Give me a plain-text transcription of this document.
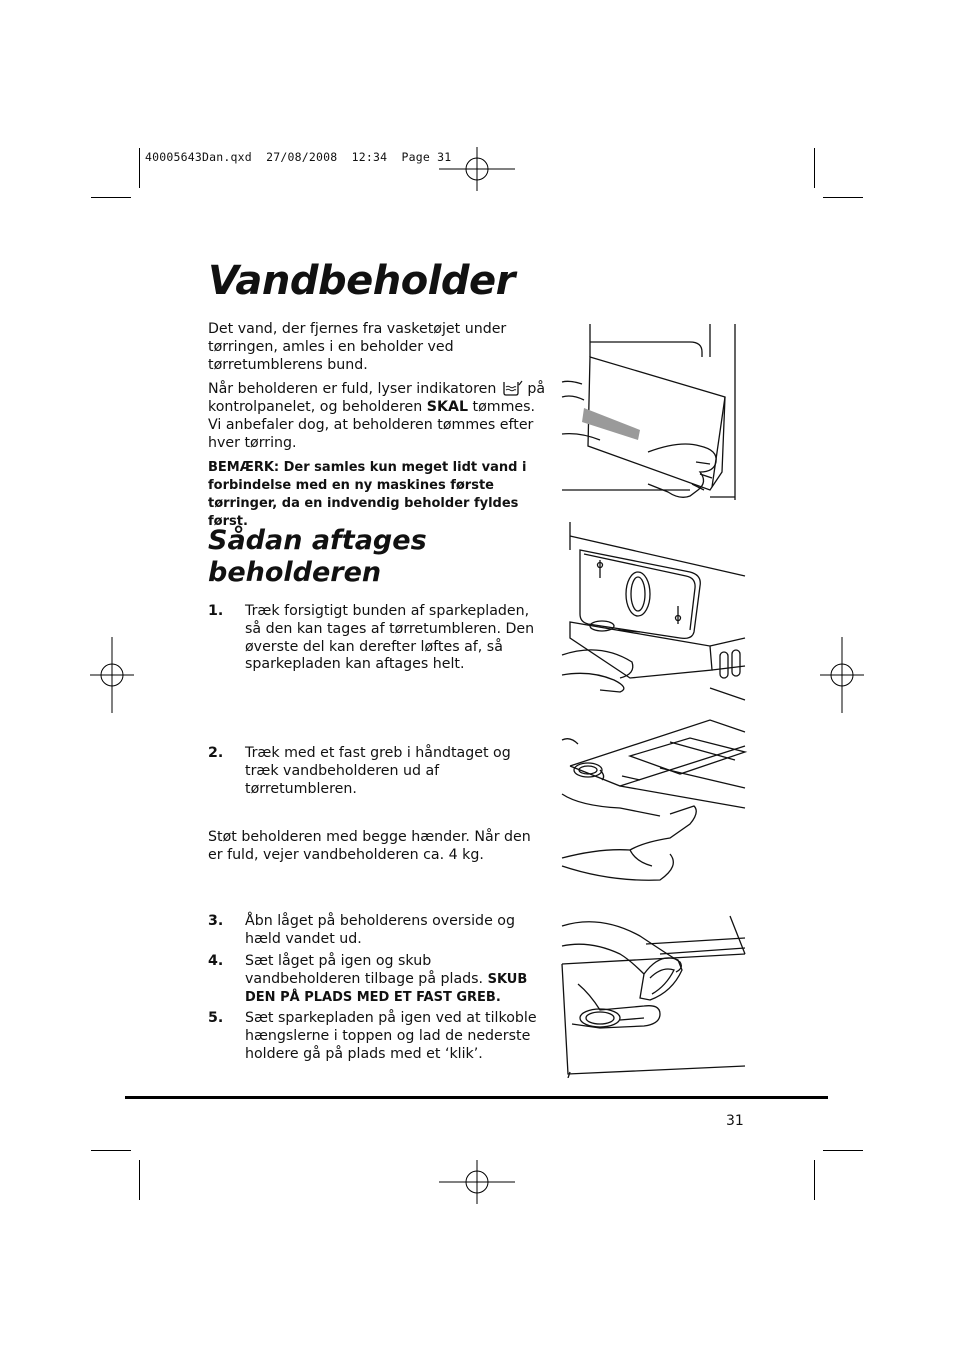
40005643Dan.qxd 27/08/2008 12:34 Page 31
Vandbeholder

Det vand, der fjernes fra vasketøjet under tørringen, amles i en beholder ved tørretumblerens bund.

Når beholderen er fuld, lyser indikatoren på kontrolpanelet, og beholderen SKAL tømmes. Vi anbefaler dog, at beholderen tømmes efter hver tørring.

BEMÆRK: Der samles kun meget lidt vand i forbindelse med en ny maskines første tørringer, da en indvendig beholder fyldes først.

Sådan aftages beholderen
1. Træk forsigtigt bunden af sparkepladen, så den kan tages af tørretumbleren. Den øverste del kan derefter løftes af, så sparkepladen kan aftages helt.
2. Træk med et fast greb i håndtaget og træk vandbeholderen ud af tørretumbleren.
Støt beholderen med begge hænder. Når den er fuld, vejer vandbeholderen ca. 4 kg.
3. Åbn låget på beholderens overside og hæld vandet ud.
4. Sæt låget på igen og skub vandbeholderen tilbage på plads. SKUB DEN PÅ PLADS MED ET FAST GREB.
5. Sæt sparkepladen på igen ved at tilkoble hængslerne i toppen og lad de nederste holdere gå på plads med et ‘klik’.
31
